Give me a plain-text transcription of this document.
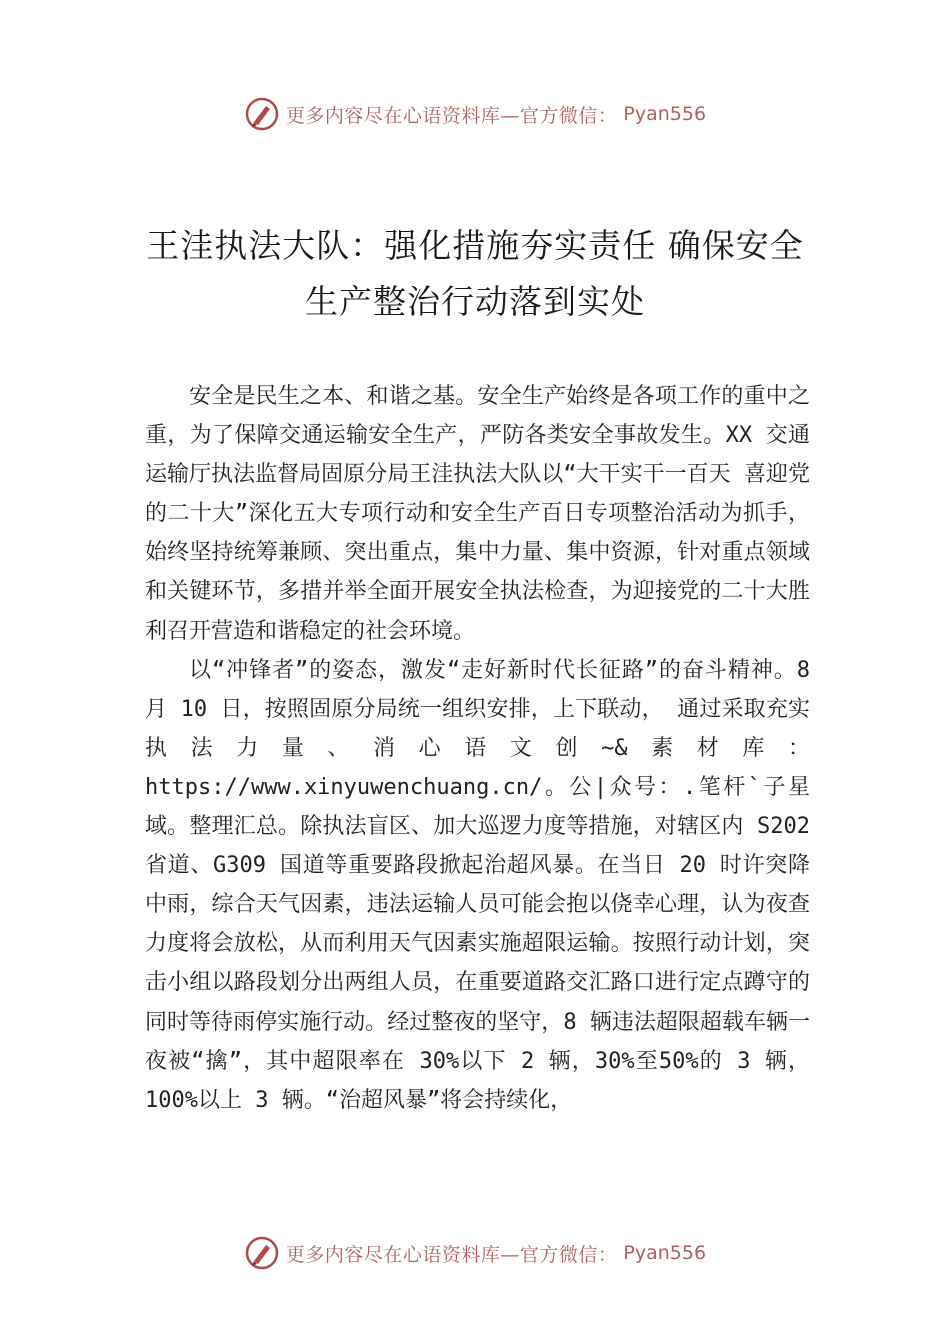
更多内容尽在心语资料库—官方微信： Pyan556
王洼执法大队：强化措施夯实责任 确保安全生产整治行动落到实处

安全是民生之本、和谐之基。安全生产始终是各项工作的重中之重，为了保障交通运输安全生产，严防各类安全事故发生。XX 交通运输厅执法监督局固原分局王洼执法大队以“大干实干一百天 喜迎党的二十大”深化五大专项行动和安全生产百日专项整治活动为抓手，始终坚持统筹兼顾、突出重点，集中力量、集中资源，针对重点领域和关键环节，多措并举全面开展安全执法检查，为迎接党的二十大胜利召开营造和谐稳定的社会环境。

以“冲锋者”的姿态，激发“走好新时代长征路”的奋斗精神。8 月 10 日，按照固原分局统一组织安排，上下联动， 通过采取充实执法力量、消心语文创~&素材库：https://www.xinyuwenchuang.cn/。公|众号：.笔杆`子星域。整理汇总。除执法盲区、加大巡逻力度等措施，对辖区内 S202 省道、G309 国道等重要路段掀起治超风暴。在当日 20 时许突降中雨，综合天气因素，违法运输人员可能会抱以侥幸心理，认为夜查力度将会放松，从而利用天气因素实施超限运输。按照行动计划，突击小组以路段划分出两组人员，在重要道路交汇路口进行定点蹲守的同时等待雨停实施行动。经过整夜的坚守，8 辆违法超限超载车辆一夜被“擒”，其中超限率在 30%以下 2 辆，30%至50%的 3 辆， 100%以上 3 辆。“治超风暴”将会持续化，

更多内容尽在心语资料库—官方微信： Pyan556
